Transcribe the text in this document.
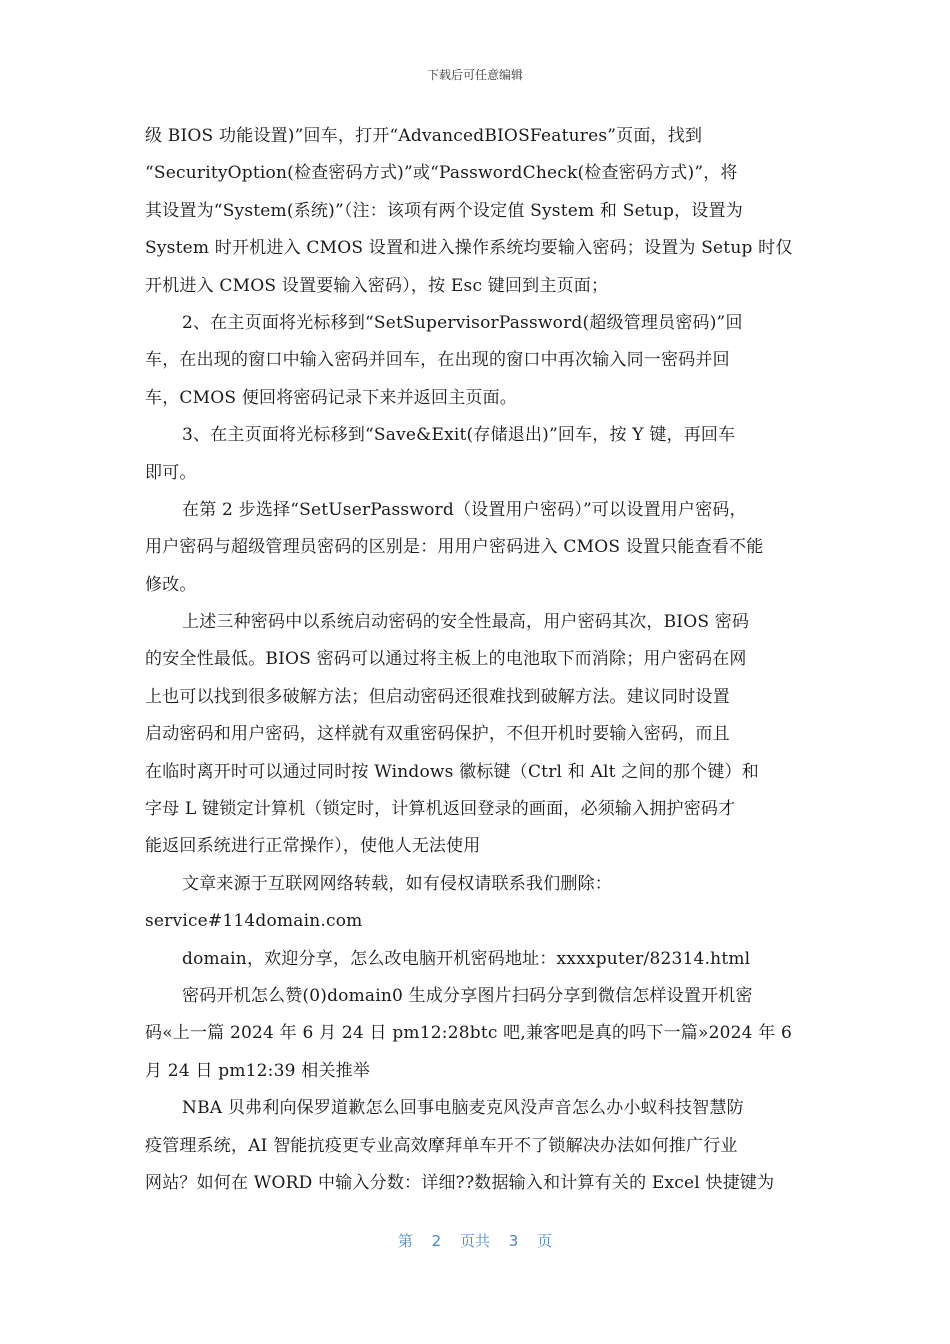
下载后可任意编辑
级 BIOS 功能设置)”回车，打开“AdvancedBIOSFeatures”页面，找到
“SecurityOption(检查密码方式)”或“PasswordCheck(检查密码方式)”，将
其设置为“System(系统)”（注：该项有两个设定值 System 和 Setup，设置为
System 时开机进入 CMOS 设置和进入操作系统均要输入密码；设置为 Setup 时仅
开机进入 CMOS 设置要输入密码），按 Esc 键回到主页面；
2、在主页面将光标移到“SetSupervisorPassword(超级管理员密码)”回
车，在出现的窗口中输入密码并回车，在出现的窗口中再次输入同一密码并回
车，CMOS 便回将密码记录下来并返回主页面。
3、在主页面将光标移到“Save&Exit(存储退出)”回车，按 Y 键，再回车
即可。
在第 2 步选择“SetUserPassword（设置用户密码）”可以设置用户密码，
用户密码与超级管理员密码的区别是：用用户密码进入 CMOS 设置只能查看不能
修改。
上述三种密码中以系统启动密码的安全性最高，用户密码其次，BIOS 密码
的安全性最低。BIOS 密码可以通过将主板上的电池取下而消除；用户密码在网
上也可以找到很多破解方法；但启动密码还很难找到破解方法。建议同时设置
启动密码和用户密码，这样就有双重密码保护，不但开机时要输入密码，而且
在临时离开时可以通过同时按 Windows 徽标键（Ctrl 和 Alt 之间的那个键）和
字母 L 键锁定计算机（锁定时，计算机返回登录的画面，必须输入拥护密码才
能返回系统进行正常操作），使他人无法使用
文章来源于互联网网络转载，如有侵权请联系我们删除：
service#114domain.com
domain，欢迎分享，怎么改电脑开机密码地址：xxxxputer/82314.html
密码开机怎么赞(0)domain0 生成分享图片扫码分享到微信怎样设置开机密
码«上一篇 2024 年 6 月 24 日 pm12:28btc 吧,兼客吧是真的吗下一篇»2024 年 6
月 24 日 pm12:39 相关推举
NBA 贝弗利向保罗道歉怎么回事电脑麦克风没声音怎么办小蚁科技智慧防
疫管理系统，AI 智能抗疫更专业高效摩拜单车开不了锁解决办法如何推广行业
网站？如何在 WORD 中输入分数：详细??数据输入和计算有关的 Excel 快捷键为
第 2 页共 3 页
